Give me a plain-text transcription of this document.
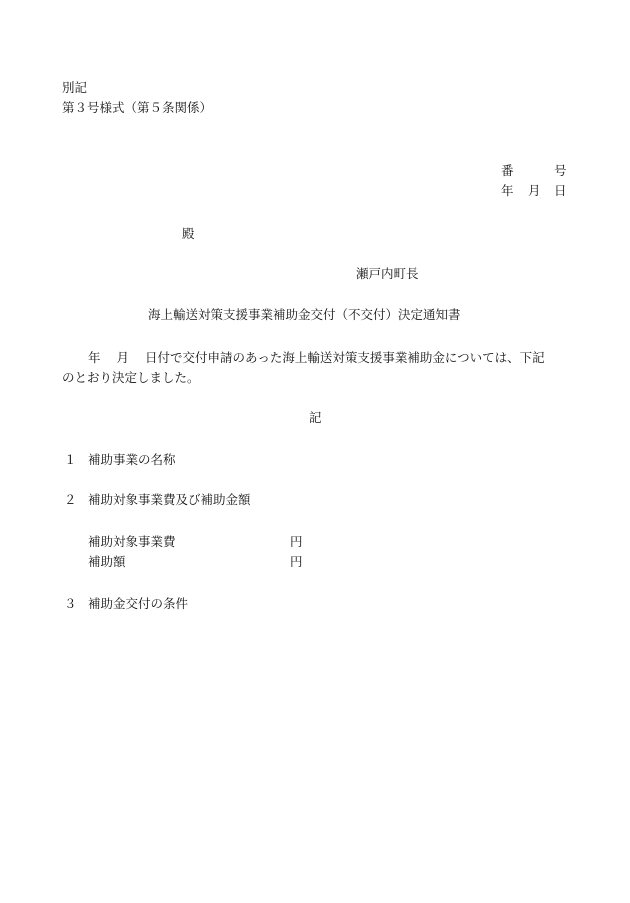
別記
第３号様式（第５条関係）
番	号
年 月 日
殿
瀬戸内町長
海上輸送対策支援事業補助金交付（不交付）決定通知書
年 月 日付で交付申請のあった海上輸送対策支援事業補助金については、下記
のとおり決定しました。
記
１ 補助事業の名称
２ 補助対象事業費及び補助金額
補助対象事業費	円
補助額	円
３ 補助金交付の条件
